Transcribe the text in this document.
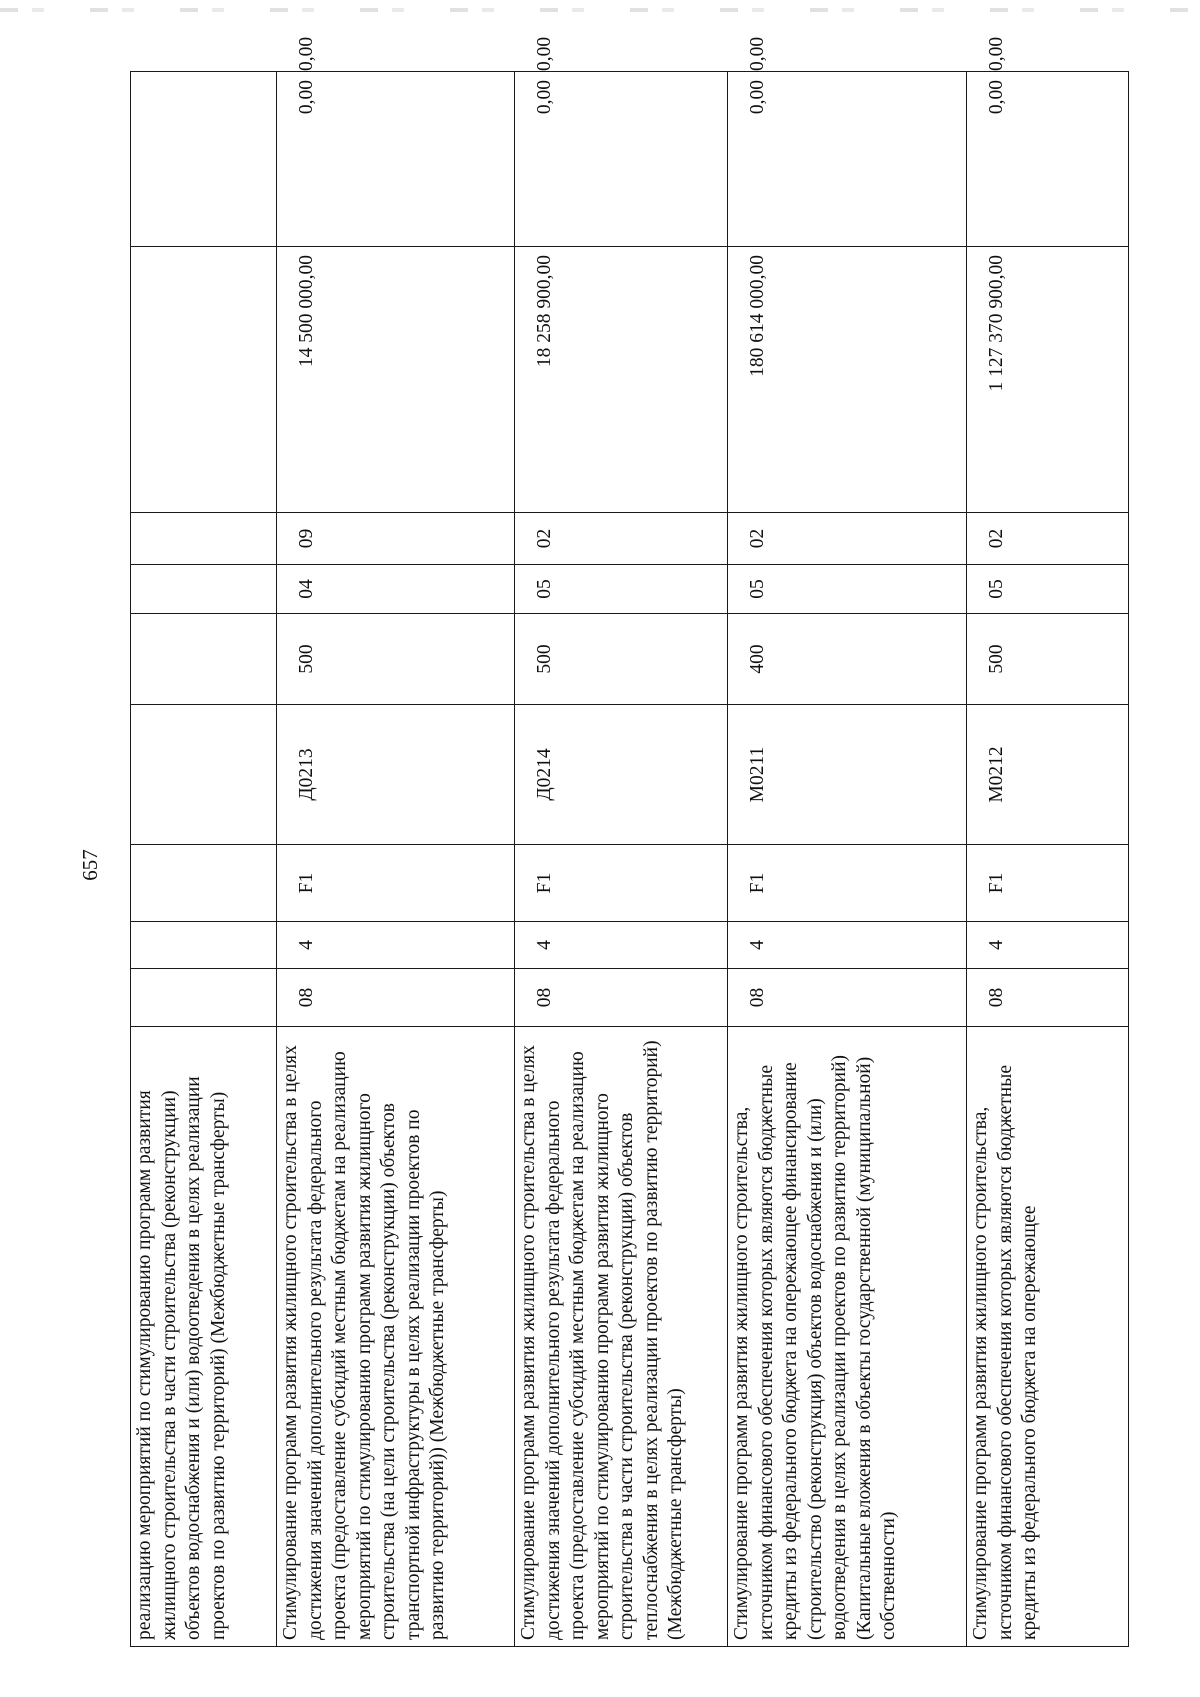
657
реализацию мероприятий по стимулированию программ развития жилищного строительства в части строительства (реконструкции) объектов водоснабжения и (или) водоотведения в целях реализации проектов по развитию территорий) (Межбюджетные трансферты)										
Стимулирование программ развития жилищного строительства в целях достижения значений дополнительного результата федерального проекта (предоставление субсидий местным бюджетам на реализацию мероприятий по стимулированию программ развития жилищного строительства (на цели строительства (реконструкции) объектов транспортной инфраструктуры в целях реализации проектов по развитию территорий)) (Межбюджетные трансферты)	08	4	F1	Д0213	500	04	09	14 500 000,00	0,00	0,00
Стимулирование программ развития жилищного строительства в целях достижения значений дополнительного результата федерального проекта (предоставление субсидий местным бюджетам на реализацию мероприятий по стимулированию программ развития жилищного строительства в части строительства (реконструкции) объектов теплоснабжения в целях реализации проектов по развитию территорий) (Межбюджетные трансферты)	08	4	F1	Д0214	500	05	02	18 258 900,00	0,00	0,00
Стимулирование программ развития жилищного строительства, источником финансового обеспечения которых являются бюджетные кредиты из федерального бюджета на опережающее финансирование (строительство (реконструкция) объектов водоснабжения и (или) водоотведения в целях реализации проектов по развитию территорий) (Капитальные вложения в объекты государственной (муниципальной) собственности)	08	4	F1	М0211	400	05	02	180 614 000,00	0,00	0,00
Стимулирование программ развития жилищного строительства, источником финансового обеспечения которых являются бюджетные кредиты из федерального бюджета на опережающее	08	4	F1	М0212	500	05	02	1 127 370 900,00	0,00	0,00
